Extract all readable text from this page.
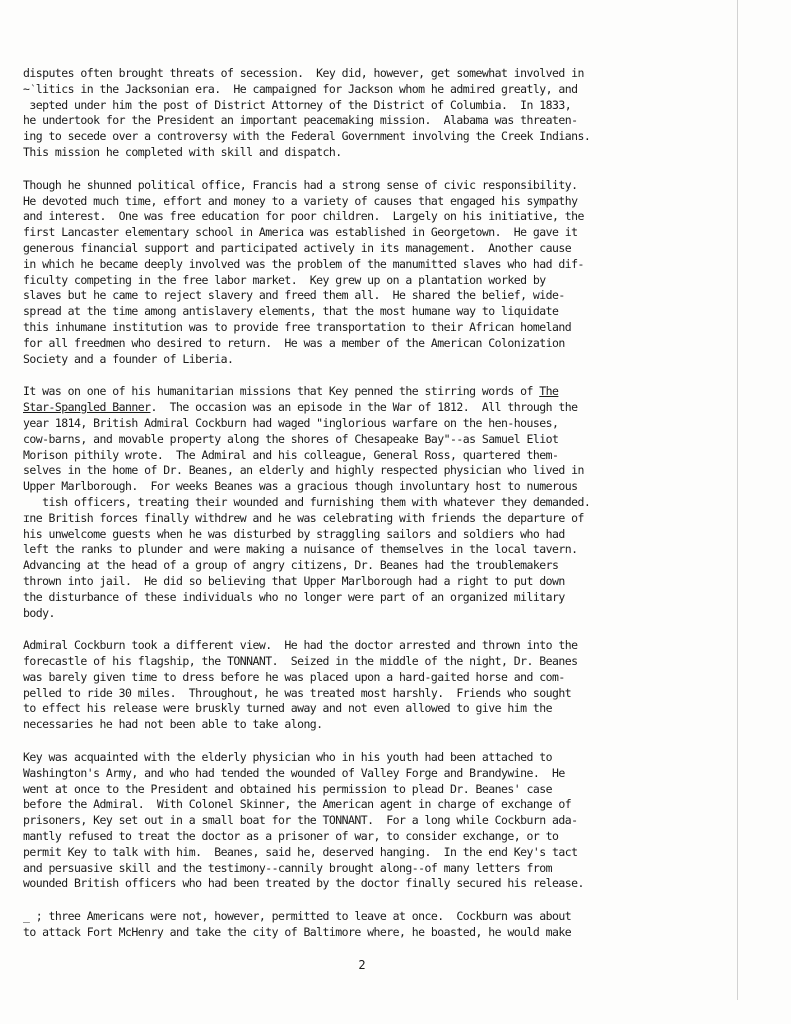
disputes often brought threats of secession.  Key did, however, get somewhat involved in
~‵litics in the Jacksonian era.  He campaigned for Jackson whom he admired greatly, and
ɜepted under him the post of District Attorney of the District of Columbia.  In 1833,
he undertook for the President an important peacemaking mission.  Alabama was threaten-
ing to secede over a controversy with the Federal Government involving the Creek Indians.
This mission he completed with skill and dispatch.
Though he shunned political office, Francis had a strong sense of civic responsibility.
He devoted much time, effort and money to a variety of causes that engaged his sympathy
and interest.  One was free education for poor children.  Largely on his initiative, the
first Lancaster elementary school in America was established in Georgetown.  He gave it
generous financial support and participated actively in its management.  Another cause
in which he became deeply involved was the problem of the manumitted slaves who had dif-
ficulty competing in the free labor market.  Key grew up on a plantation worked by
slaves but he came to reject slavery and freed them all.  He shared the belief, wide-
spread at the time among antislavery elements, that the most humane way to liquidate
this inhumane institution was to provide free transportation to their African homeland
for all freedmen who desired to return.  He was a member of the American Colonization
Society and a founder of Liberia.
It was on one of his humanitarian missions that Key penned the stirring words of The
Star-Spangled Banner.  The occasion was an episode in the War of 1812.  All through the
year 1814, British Admiral Cockburn had waged "inglorious warfare on the hen-houses,
cow-barns, and movable property along the shores of Chesapeake Bay"--as Samuel Eliot
Morison pithily wrote.  The Admiral and his colleague, General Ross, quartered them-
selves in the home of Dr. Beanes, an elderly and highly respected physician who lived in
Upper Marlborough.  For weeks Beanes was a gracious though involuntary host to numerous
tish officers, treating their wounded and furnishing them with whatever they demanded.
ɪne British forces finally withdrew and he was celebrating with friends the departure of
his unwelcome guests when he was disturbed by straggling sailors and soldiers who had
left the ranks to plunder and were making a nuisance of themselves in the local tavern.
Advancing at the head of a group of angry citizens, Dr. Beanes had the troublemakers
thrown into jail.  He did so believing that Upper Marlborough had a right to put down
the disturbance of these individuals who no longer were part of an organized military
body.
Admiral Cockburn took a different view.  He had the doctor arrested and thrown into the
forecastle of his flagship, the TONNANT.  Seized in the middle of the night, Dr. Beanes
was barely given time to dress before he was placed upon a hard-gaited horse and com-
pelled to ride 30 miles.  Throughout, he was treated most harshly.  Friends who sought
to effect his release were bruskly turned away and not even allowed to give him the
necessaries he had not been able to take along.
Key was acquainted with the elderly physician who in his youth had been attached to
Washington's Army, and who had tended the wounded of Valley Forge and Brandywine.  He
went at once to the President and obtained his permission to plead Dr. Beanes' case
before the Admiral.  With Colonel Skinner, the American agent in charge of exchange of
prisoners, Key set out in a small boat for the TONNANT.  For a long while Cockburn ada-
mantly refused to treat the doctor as a prisoner of war, to consider exchange, or to
permit Key to talk with him.  Beanes, said he, deserved hanging.  In the end Key's tact
and persuasive skill and the testimony--cannily brought along--of many letters from
wounded British officers who had been treated by the doctor finally secured his release.
_ ; three Americans were not, however, permitted to leave at once.  Cockburn was about
to attack Fort McHenry and take the city of Baltimore where, he boasted, he would make
2
